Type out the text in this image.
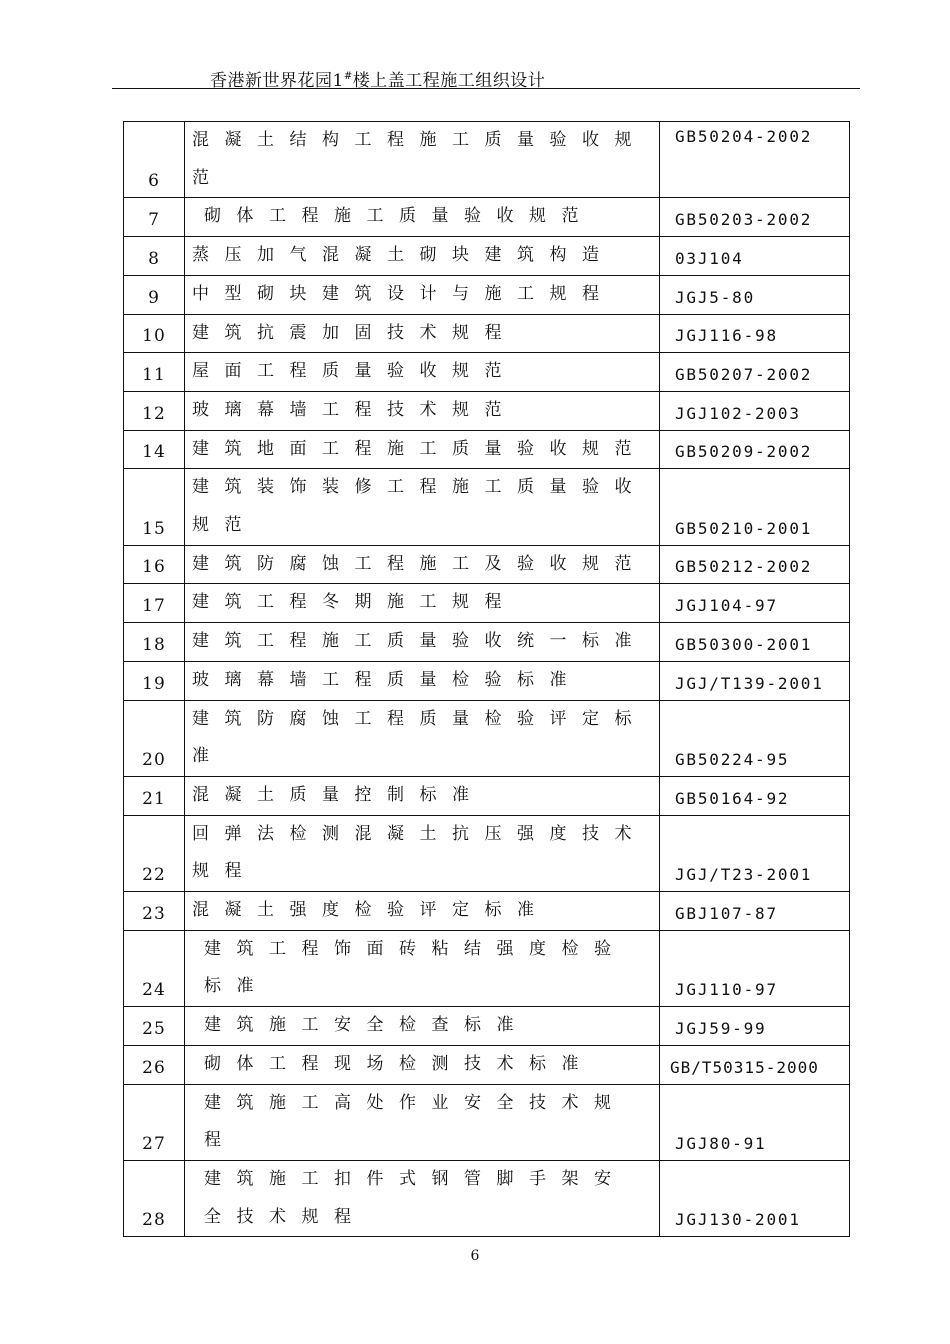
香港新世界花园1#楼上盖工程施工组织设计
6	混凝土结构工程施工质量验收规范	GB50204-2002
7	砌体工程施工质量验收规范	GB50203-2002
8	蒸压加气混凝土砌块建筑构造	03J104
9	中型砌块建筑设计与施工规程	JGJ5-80
10	建筑抗震加固技术规程	JGJ116-98
11	屋面工程质量验收规范	GB50207-2002
12	玻璃幕墙工程技术规范	JGJ102-2003
14	建筑地面工程施工质量验收规范	GB50209-2002
15	建筑装饰装修工程施工质量验收规范	GB50210-2001
16	建筑防腐蚀工程施工及验收规范	GB50212-2002
17	建筑工程冬期施工规程	JGJ104-97
18	建筑工程施工质量验收统一标准	GB50300-2001
19	玻璃幕墙工程质量检验标准	JGJ/T139-2001
20	建筑防腐蚀工程质量检验评定标准	GB50224-95
21	混凝土质量控制标准	GB50164-92
22	回弹法检测混凝土抗压强度技术规程	JGJ/T23-2001
23	混凝土强度检验评定标准	GBJ107-87
24	建筑工程饰面砖粘结强度检验标准	JGJ110-97
25	建筑施工安全检查标准	JGJ59-99
26	砌体工程现场检测技术标准	GB/T50315-2000
27	建筑施工高处作业安全技术规程	JGJ80-91
28	建筑施工扣件式钢管脚手架安全技术规程	JGJ130-2001
6
